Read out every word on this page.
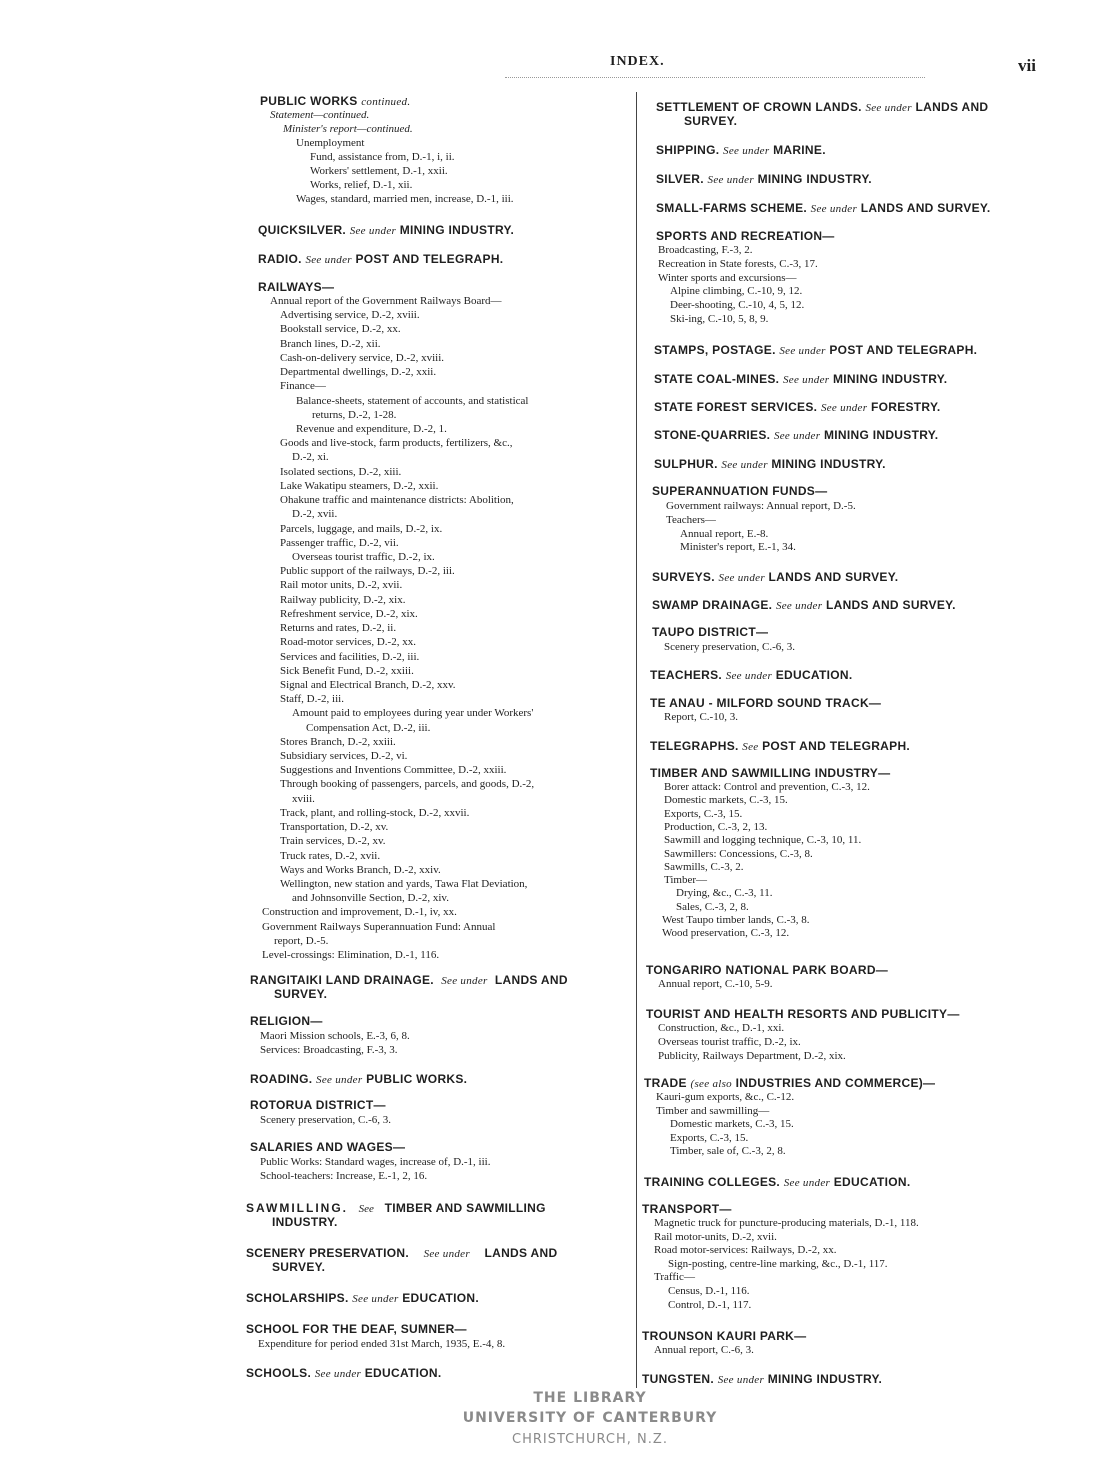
INDEX.	vii
PUBLIC WORKS continued.
Statement—continued.
Minister's report—continued.
Unemployment
Fund, assistance from, D.-1, i, ii.
Workers' settlement, D.-1, xxii.
Works, relief, D.-1, xii.
Wages, standard, married men, increase, D.-1, iii.
QUICKSILVER. See under MINING INDUSTRY.
RADIO. See under POST AND TELEGRAPH.
RAILWAYS—
Annual report of the Government Railways Board—
Advertising service, D.-2, xviii.
Bookstall service, D.-2, xx.
Branch lines, D.-2, xii.
Cash-on-delivery service, D.-2, xviii.
Departmental dwellings, D.-2, xxii.
Finance—
Balance-sheets, statement of accounts, and statistical
returns, D.-2, 1-28.
Revenue and expenditure, D.-2, 1.
Goods and live-stock, farm products, fertilizers, &c.,
D.-2, xi.
Isolated sections, D.-2, xiii.
Lake Wakatipu steamers, D.-2, xxii.
Ohakune traffic and maintenance districts: Abolition,
D.-2, xvii.
Parcels, luggage, and mails, D.-2, ix.
Passenger traffic, D.-2, vii.
Overseas tourist traffic, D.-2, ix.
Public support of the railways, D.-2, iii.
Rail motor units, D.-2, xvii.
Railway publicity, D.-2, xix.
Refreshment service, D.-2, xix.
Returns and rates, D.-2, ii.
Road-motor services, D.-2, xx.
Services and facilities, D.-2, iii.
Sick Benefit Fund, D.-2, xxiii.
Signal and Electrical Branch, D.-2, xxv.
Staff, D.-2, iii.
Amount paid to employees during year under Workers'
Compensation Act, D.-2, iii.
Stores Branch, D.-2, xxiii.
Subsidiary services, D.-2, vi.
Suggestions and Inventions Committee, D.-2, xxiii.
Through booking of passengers, parcels, and goods, D.-2,
xviii.
Track, plant, and rolling-stock, D.-2, xxvii.
Transportation, D.-2, xv.
Train services, D.-2, xv.
Truck rates, D.-2, xvii.
Ways and Works Branch, D.-2, xxiv.
Wellington, new station and yards, Tawa Flat Deviation,
and Johnsonville Section, D.-2, xiv.
Construction and improvement, D.-1, iv, xx.
Government Railways Superannuation Fund: Annual
report, D.-5.
Level-crossings: Elimination, D.-1, 116.
RANGITAIKI LAND DRAINAGE. See under LANDS AND
SURVEY.
RELIGION—
Maori Mission schools, E.-3, 6, 8.
Services: Broadcasting, F.-3, 3.
ROADING. See under PUBLIC WORKS.
ROTORUA DISTRICT—
Scenery preservation, C.-6, 3.
SALARIES AND WAGES—
Public Works: Standard wages, increase of, D.-1, iii.
School-teachers: Increase, E.-1, 2, 16.
SAWMILLING. See TIMBER AND SAWMILLING
INDUSTRY.
SCENERY PRESERVATION. See under LANDS AND
SURVEY.
SCHOLARSHIPS. See under EDUCATION.
SCHOOL FOR THE DEAF, SUMNER—
Expenditure for period ended 31st March, 1935, E.-4, 8.
SCHOOLS. See under EDUCATION.
SETTLEMENT OF CROWN LANDS. See under LANDS AND
SURVEY.
SHIPPING. See under MARINE.
SILVER. See under MINING INDUSTRY.
SMALL-FARMS SCHEME. See under LANDS AND SURVEY.
SPORTS AND RECREATION—
Broadcasting, F.-3, 2.
Recreation in State forests, C.-3, 17.
Winter sports and excursions—
Alpine climbing, C.-10, 9, 12.
Deer-shooting, C.-10, 4, 5, 12.
Ski-ing, C.-10, 5, 8, 9.
STAMPS, POSTAGE. See under POST AND TELEGRAPH.
STATE COAL-MINES. See under MINING INDUSTRY.
STATE FOREST SERVICES. See under FORESTRY.
STONE-QUARRIES. See under MINING INDUSTRY.
SULPHUR. See under MINING INDUSTRY.
SUPERANNUATION FUNDS—
Government railways: Annual report, D.-5.
Teachers—
Annual report, E.-8.
Minister's report, E.-1, 34.
SURVEYS. See under LANDS AND SURVEY.
SWAMP DRAINAGE. See under LANDS AND SURVEY.
TAUPO DISTRICT—
Scenery preservation, C.-6, 3.
TEACHERS. See under EDUCATION.
TE ANAU - MILFORD SOUND TRACK—
Report, C.-10, 3.
TELEGRAPHS. See POST AND TELEGRAPH.
TIMBER AND SAWMILLING INDUSTRY—
Borer attack: Control and prevention, C.-3, 12.
Domestic markets, C.-3, 15.
Exports, C.-3, 15.
Production, C.-3, 2, 13.
Sawmill and logging technique, C.-3, 10, 11.
Sawmillers: Concessions, C.-3, 8.
Sawmills, C.-3, 2.
Timber—
Drying, &c., C.-3, 11.
Sales, C.-3, 2, 8.
West Taupo timber lands, C.-3, 8.
Wood preservation, C.-3, 12.
TONGARIRO NATIONAL PARK BOARD—
Annual report, C.-10, 5-9.
TOURIST AND HEALTH RESORTS AND PUBLICITY—
Construction, &c., D.-1, xxi.
Overseas tourist traffic, D.-2, ix.
Publicity, Railways Department, D.-2, xix.
TRADE (see also INDUSTRIES AND COMMERCE)—
Kauri-gum exports, &c., C.-12.
Timber and sawmilling—
Domestic markets, C.-3, 15.
Exports, C.-3, 15.
Timber, sale of, C.-3, 2, 8.
TRAINING COLLEGES. See under EDUCATION.
TRANSPORT—
Magnetic truck for puncture-producing materials, D.-1, 118.
Rail motor-units, D.-2, xvii.
Road motor-services: Railways, D.-2, xx.
Sign-posting, centre-line marking, &c., D.-1, 117.
Traffic—
Census, D.-1, 116.
Control, D.-1, 117.
TROUNSON KAURI PARK—
Annual report, C.-6, 3.
TUNGSTEN. See under MINING INDUSTRY.
THE LIBRARY
UNIVERSITY OF CANTERBURY
CHRISTCHURCH, N.Z.
